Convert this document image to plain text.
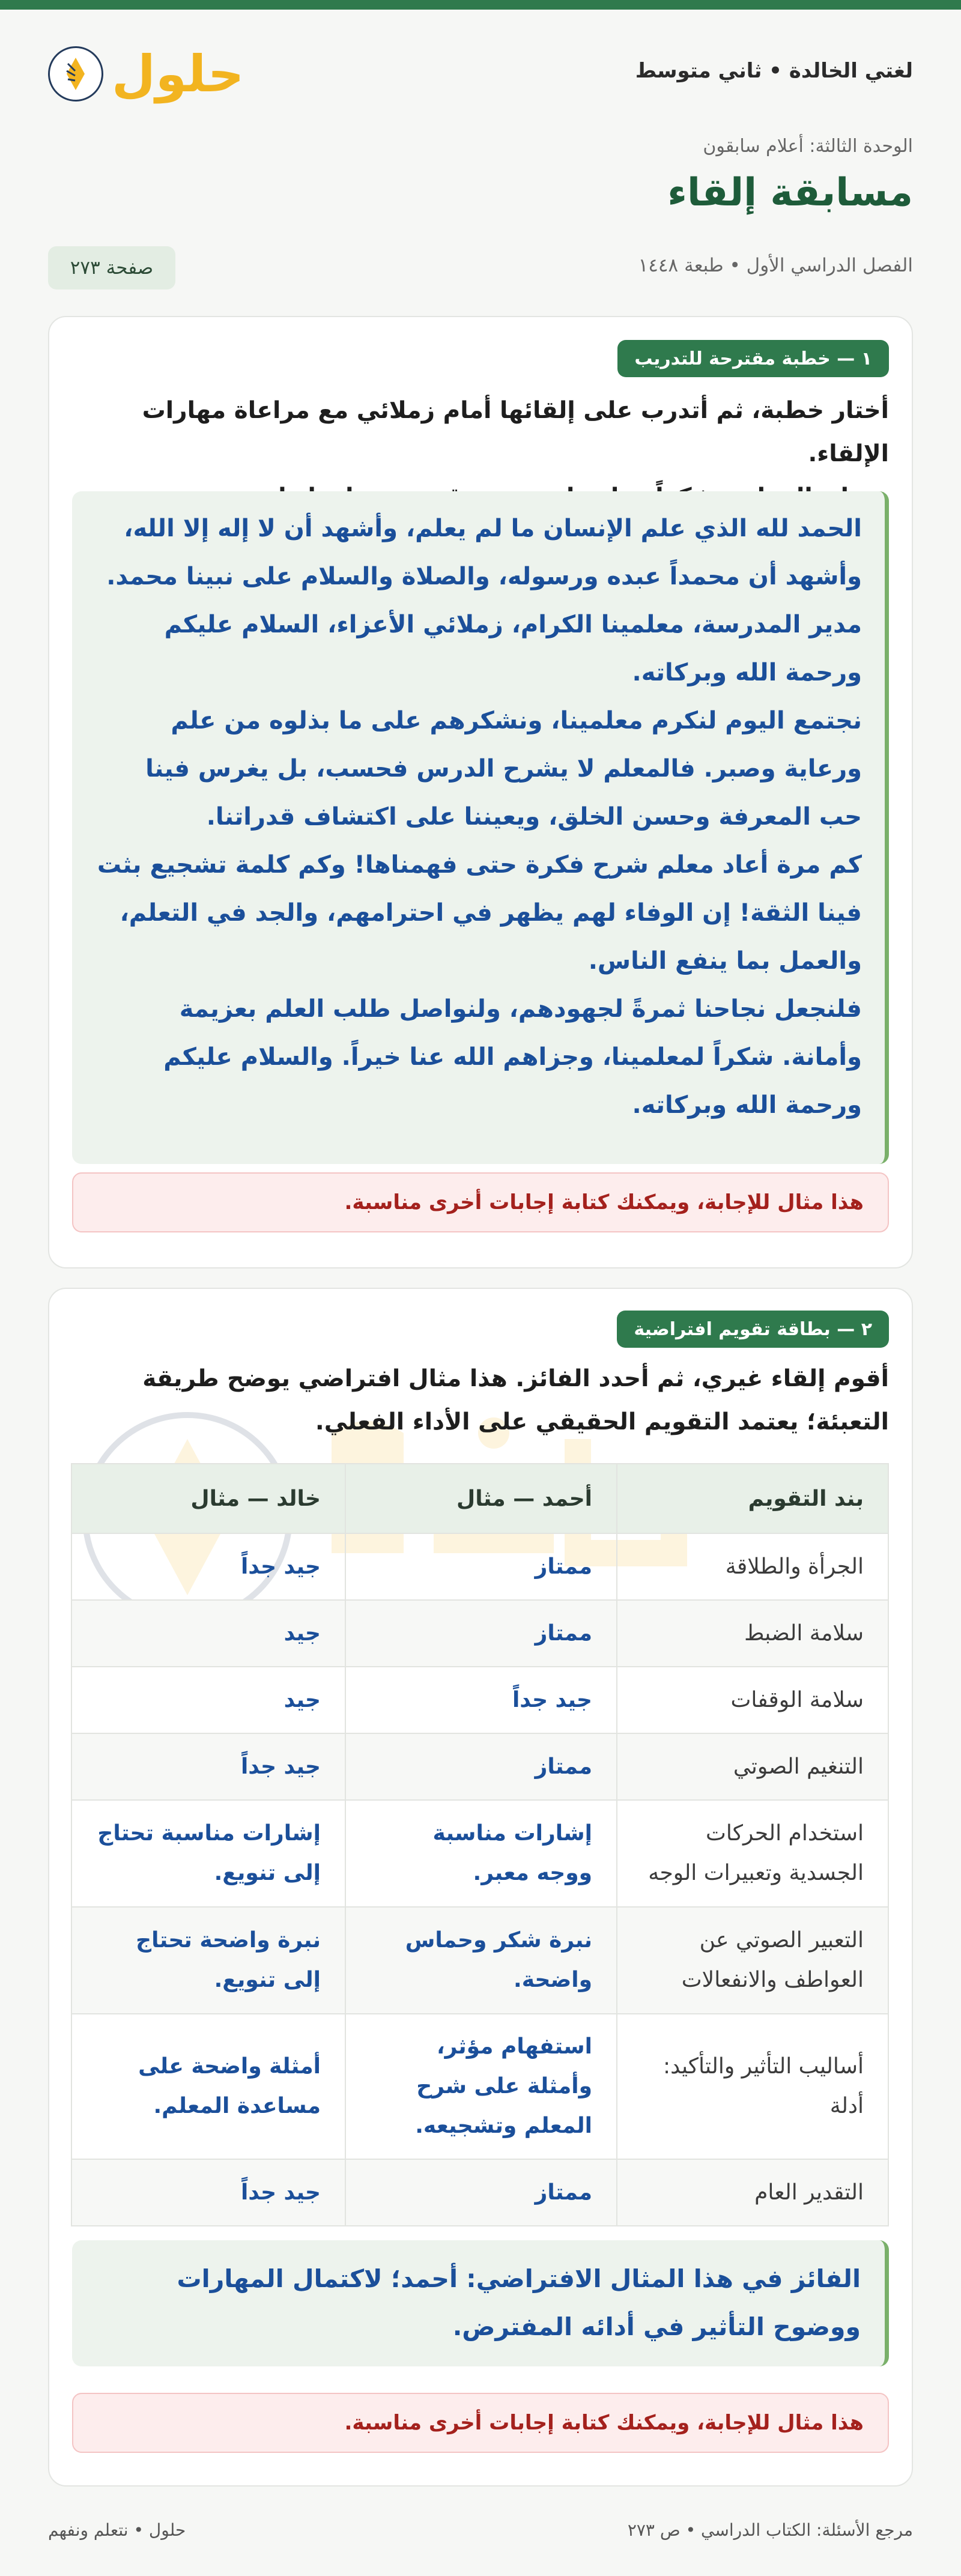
حلول	لغتي الخالدة • ثاني متوسط
الوحدة الثالثة: أعلام سابقون
مسابقة إلقاء
الفصل الدراسي الأول • طبعة ١٤٤٨
صفحة ٢٧٣
١ — خطبة مقترحة للتدريب
أختار خطبة، ثم أتدرب على إلقائها أمام زملائي مع مراعاة مهارات الإلقاء.

الحمد لله الذي علم الإنسان ما لم يعلم، وأشهد أن لا إله إلا الله، وأشهد أن محمداً عبده ورسوله، والصلاة والسلام على نبينا محمد. مدير المدرسة، معلمينا الكرام، زملائي الأعزاء، السلام عليكم ورحمة الله وبركاته.

نجتمع اليوم لنكرم معلمينا، ونشكرهم على ما بذلوه من علم ورعاية وصبر. فالمعلم لا يشرح الدرس فحسب، بل يغرس فينا حب المعرفة وحسن الخلق، ويعيننا على اكتشاف قدراتنا.

كم مرة أعاد معلم شرح فكرة حتى فهمناها! وكم كلمة تشجيع بثت فينا الثقة! إن الوفاء لهم يظهر في احترامهم، والجد في التعلم، والعمل بما ينفع الناس.

فلنجعل نجاحنا ثمرةً لجهودهم، ولنواصل طلب العلم بعزيمة وأمانة. شكراً لمعلمينا، وجزاهم الله عنا خيراً. والسلام عليكم ورحمة الله وبركاته.

هذا مثال للإجابة، ويمكنك كتابة إجابات أخرى مناسبة.
٢ — بطاقة تقويم افتراضية
أقوم إلقاء غيري، ثم أحدد الفائز. هذا مثال افتراضي يوضح طريقة التعبئة؛ يعتمد التقويم الحقيقي على الأداء الفعلي.
بند التقويم	أحمد — مثال	خالد — مثال
الجرأة والطلاقة	ممتاز	جيد جداً
سلامة الضبط	ممتاز	جيد
سلامة الوقفات	جيد جداً	جيد
التنغيم الصوتي	ممتاز	جيد جداً
استخدام الحركات الجسدية وتعبيرات الوجه	إشارات مناسبة ووجه معبر.	إشارات مناسبة تحتاج إلى تنويع.
التعبير الصوتي عن العواطف والانفعالات	نبرة شكر وحماس واضحة.	نبرة واضحة تحتاج إلى تنويع.
أساليب التأثير والتأكيد: أدلة	استفهام مؤثر، وأمثلة على شرح المعلم وتشجيعه.	أمثلة واضحة على مساعدة المعلم.
التقدير العام	ممتاز	جيد جداً

الفائز في هذا المثال الافتراضي: أحمد؛ لاكتمال المهارات ووضوح التأثير في أدائه المفترض.

هذا مثال للإجابة، ويمكنك كتابة إجابات أخرى مناسبة.
مرجع الأسئلة: الكتاب الدراسي • ص ٢٧٣
حلول • نتعلم ونفهم
